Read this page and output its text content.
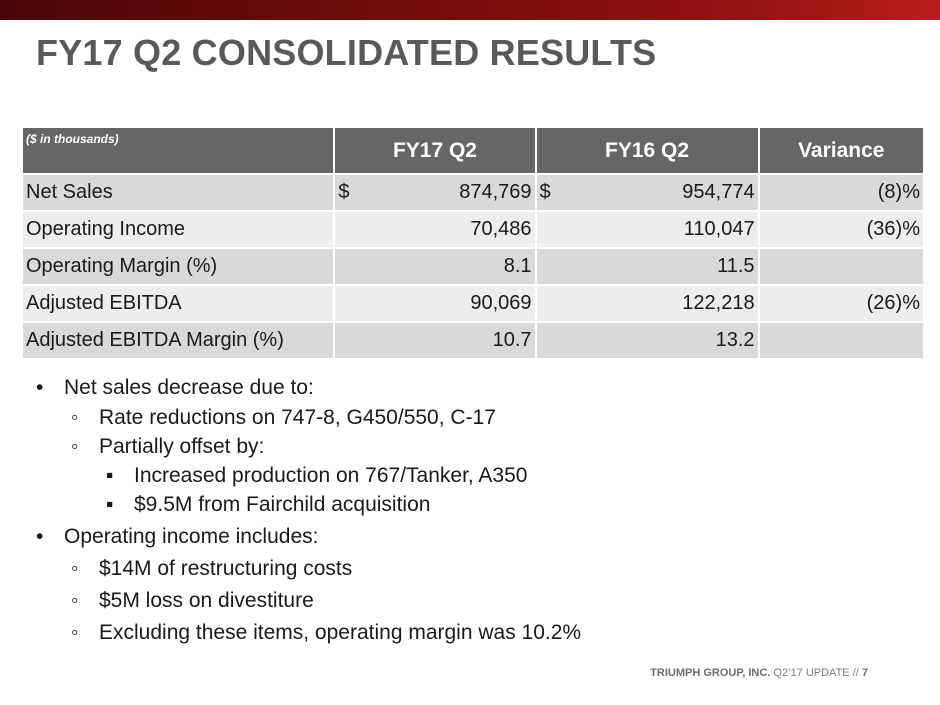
FY17 Q2 CONSOLIDATED RESULTS
($ in thousands)	FY17 Q2	FY16 Q2	Variance
Net Sales	$ 874,769	$ 954,774	(8)%
Operating Income	70,486	110,047	(36)%
Operating Margin (%)	8.1	11.5	

Adjusted EBITDA	90,069	122,218	(26)%
Adjusted EBITDA Margin (%)	10.7	13.2	

• Net sales decrease due to:
◦ Rate reductions on 747-8, G450/550, C-17
◦ Partially offset by:
▪ Increased production on 767/Tanker, A350
▪ $9.5M from Fairchild acquisition
• Operating income includes:
◦ $14M of restructuring costs
◦ $5M loss on divestiture
◦ Excluding these items, operating margin was 10.2%
TRIUMPH GROUP, INC. Q2’17 UPDATE // 7
